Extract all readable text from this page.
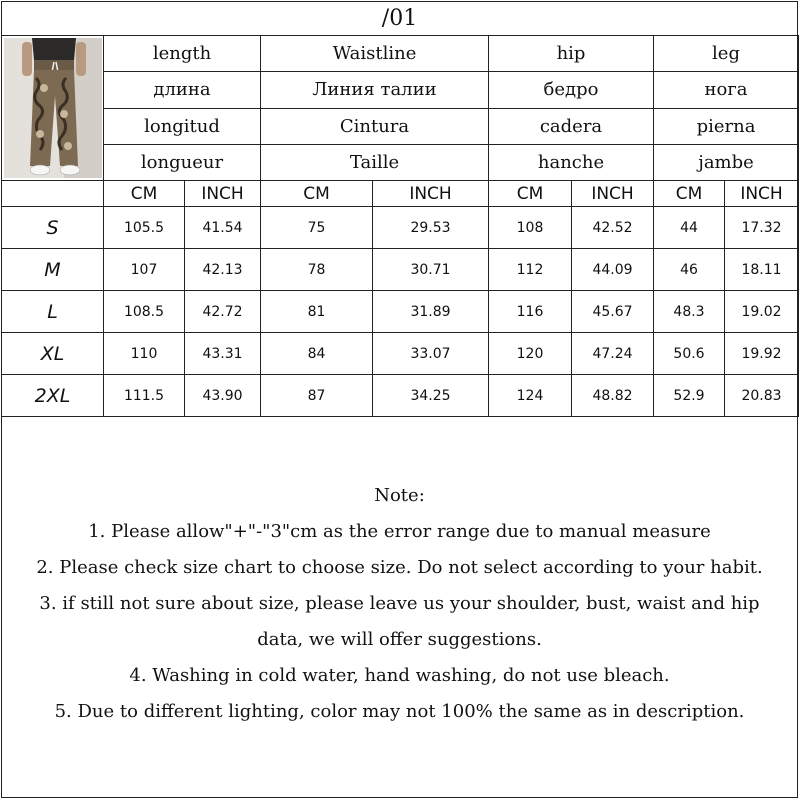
/01
	length		Waistline		hip		leg	
	длина		Линия талии		бедро		нога	
	longitud		Cintura		cadera		pierna	
	longueur		Taille		hanche		jambe	
	CM	INCH	CM	INCH	CM	INCH	CM	INCH
S	105.5	41.54	75	29.53	108	42.52	44	17.32
M	107	42.13	78	30.71	112	44.09	46	18.11
L	108.5	42.72	81	31.89	116	45.67	48.3	19.02
XL	110	43.31	84	33.07	120	47.24	50.6	19.92
2XL	111.5	43.90	87	34.25	124	48.82	52.9	20.83
Note:
1. Please allow"+"-"3"cm as the error range due to manual measure
2. Please check size chart to choose size. Do not select according to your habit.
3. if still not sure about size, please leave us your shoulder, bust, waist and hip
data, we will offer suggestions.
4. Washing in cold water, hand washing, do not use bleach.
5. Due to different lighting, color may not 100% the same as in description.
